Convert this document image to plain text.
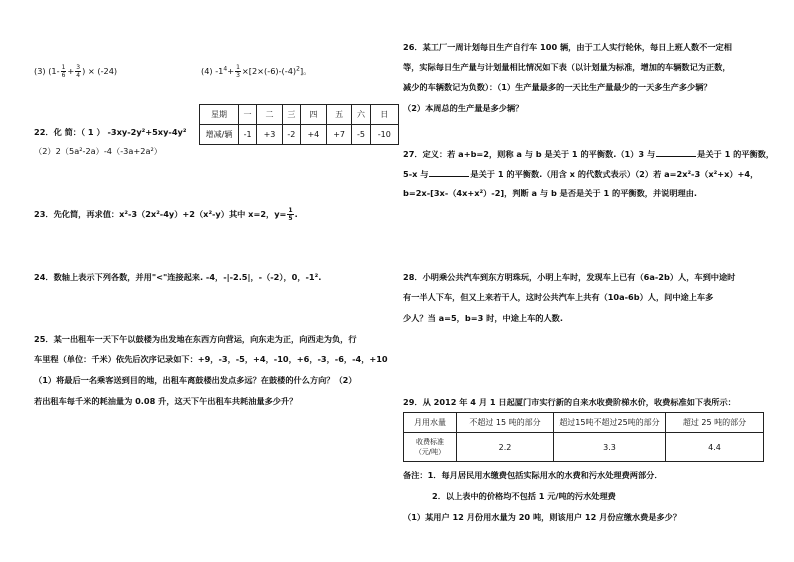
(3) ($1- \frac{1}{6} + \frac{3}{4}$ ) × (-24)	(4) $-1^4+ \frac{1}{3} \times[2\times(-6)-(-4)^2]$。
星期	一	二	三	四	五	六	日
增减/辆	-1	+3	-2	+4	+7	-5	-10
22．化 简：（ 1 ） -3xy-2y²+5xy-4y²
（2）2（5a²-2a）-4（-3a+2a²）
23．先化简，再求值：x²-3（2x²-4y）+2（x²-y）其中 x=2，$y= \frac{1}{5}$ .
24．数轴上表示下列各数，并用"<"连接起来. -4，-|-2.5|，-（-2），0，-1².
25．某一出租车一天下午以鼓楼为出发地在东西方向营运，向东走为正，向西走为负，行
车里程（单位：千米）依先后次序记录如下：+9，-3，-5，+4，-10，+6，-3，-6，-4，+10
（1）将最后一名乘客送到目的地，出租车离鼓楼出发点多远？在鼓楼的什么方向？（2）
若出租车每千米的耗油量为 0.08 升，这天下午出租车共耗油量多少升？
26．某工厂一周计划每日生产自行车 100 辆，由于工人实行轮休，每日上班人数不一定相
等，实际每日生产量与计划量相比情况如下表（以计划量为标准，增加的车辆数记为正数，
减少的车辆数记为负数）：（1）生产量最多的一天比生产量最少的一天多生产多少辆？
（2）本周总的生产量是多少辆？
27．定义：若 a+b=2，则称 a 与 b 是关于 1 的平衡数.（1）3 与	是关于 1 的平衡数，
5-x 与	是关于 1 的平衡数.（用含 x 的代数式表示）（2）若 a=2x²-3（x²+x）+4，
b=2x-[3x-（4x+x²）-2]，判断 a 与 b 是否是关于 1 的平衡数，并说明理由.
28．小明乘公共汽车到东方明珠玩，小明上车时，发现车上已有（6a-2b）人，车到中途时
有一半人下车，但又上来若干人，这时公共汽车上共有（10a-6b）人，问中途上车多
少人？当 a=5，b=3 时，中途上车的人数.
29．从 2012 年 4 月 1 日起厦门市实行新的自来水收费阶梯水价，收费标准如下表所示：
月用水量	不超过 15 吨的部分	超过15吨不超过25吨的部分	超过 25 吨的部分
收费标准
（元/吨）	2.2	3.3	4.4
备注：1．每月居民用水缴费包括实际用水的水费和污水处理费两部分．
2．以上表中的价格均不包括 1 元/吨的污水处理费
（1）某用户 12 月份用水量为 20 吨，则该用户 12 月份应缴水费是多少？
